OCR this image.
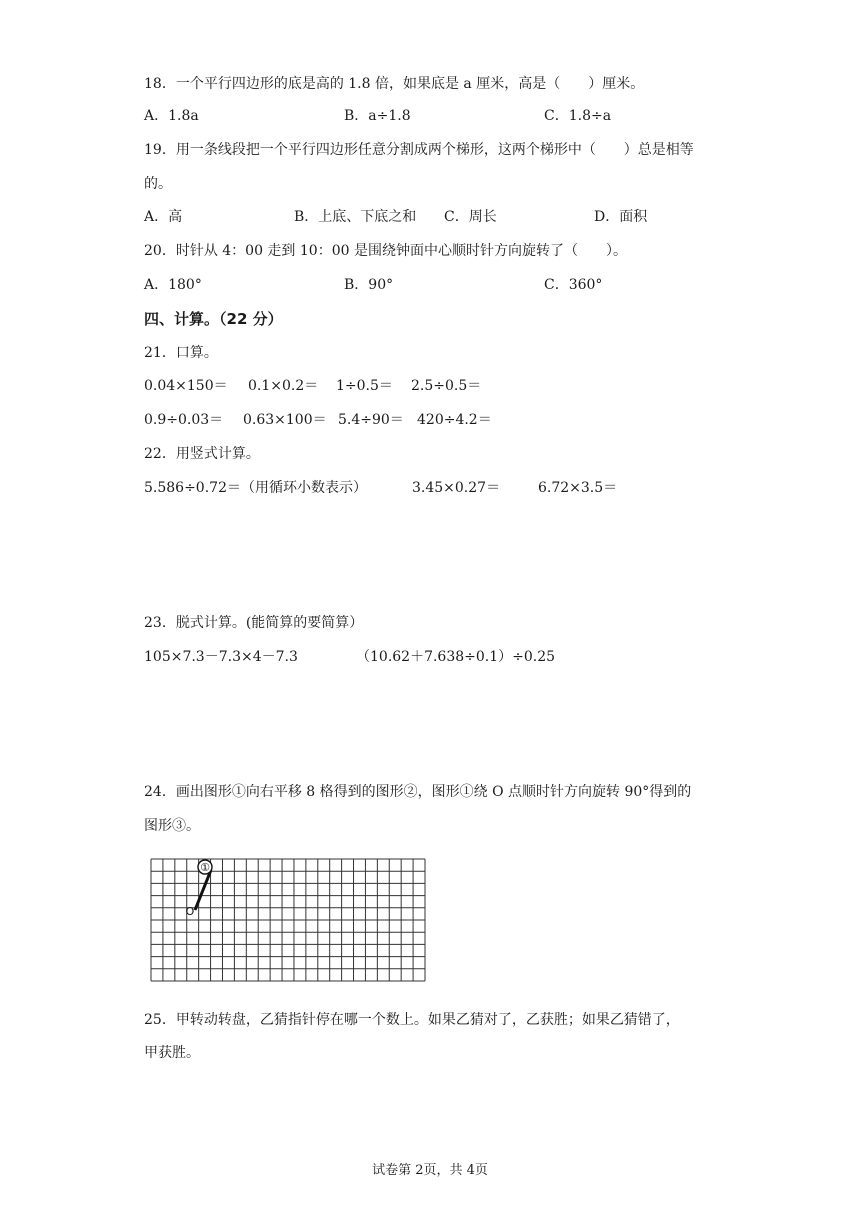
18．一个平行四边形的底是高的 1.8 倍，如果底是 a 厘米，高是（　　）厘米。
A．1.8a	B．a÷1.8	C．1.8÷a
19．用一条线段把一个平行四边形任意分割成两个梯形，这两个梯形中（　　）总是相等
的。
A．高	B．上底、下底之和 C．周长	D．面积
20．时针从 4：00 走到 10：00 是围绕钟面中心顺时针方向旋转了（　　）。
A．180°	B．90°	C．360°
四、计算。（22 分）
21．口算。
0.04×150＝ 0.1×0.2＝ 1÷0.5＝ 2.5÷0.5＝
0.9÷0.03＝ 0.63×100＝ 5.4÷90＝ 420÷4.2＝
22．用竖式计算。
5.586÷0.72＝（用循环小数表示）	3.45×0.27＝	6.72×3.5＝
23．脱式计算。(能简算的要简算）
105×7.3－7.3×4－7.3	（10.62＋7.638÷0.1）÷0.25
24．画出图形①向右平移 8 格得到的图形②，图形①绕 O 点顺时针方向旋转 90°得到的
图形③。
①
O
25．甲转动转盘，乙猜指针停在哪一个数上。如果乙猜对了，乙获胜；如果乙猜错了，
甲获胜。
试卷第 2页，共 4页
